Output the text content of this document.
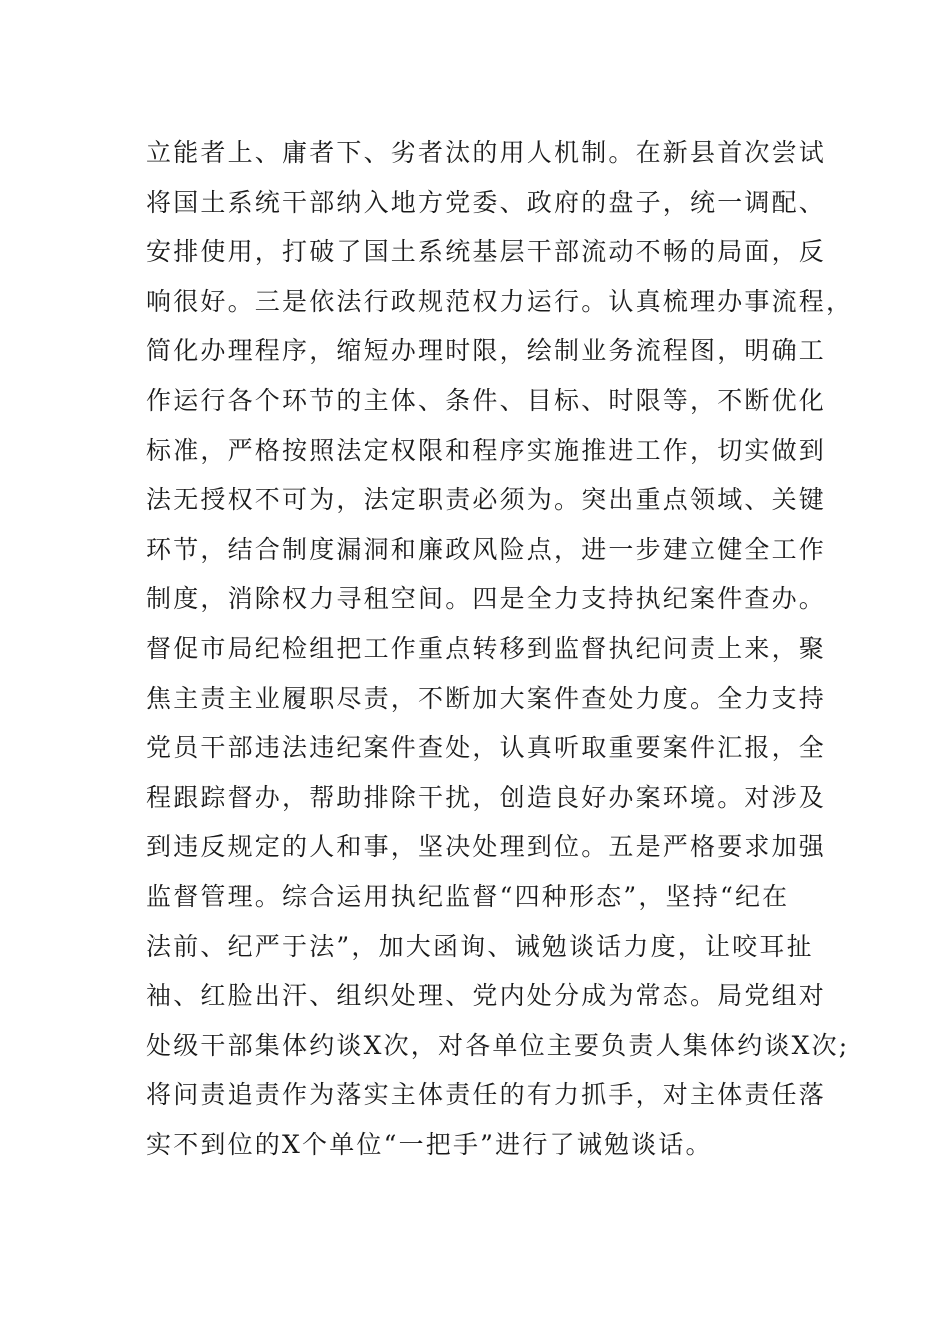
立能者上、庸者下、劣者汰的用人机制。在新县首次尝试
将国土系统干部纳入地方党委、政府的盘子，统一调配、
安排使用，打破了国土系统基层干部流动不畅的局面，反
响很好。三是依法行政规范权力运行。认真梳理办事流程，
简化办理程序，缩短办理时限，绘制业务流程图，明确工
作运行各个环节的主体、条件、目标、时限等，不断优化
标准，严格按照法定权限和程序实施推进工作，切实做到
法无授权不可为，法定职责必须为。突出重点领域、关键
环节，结合制度漏洞和廉政风险点，进一步建立健全工作
制度，消除权力寻租空间。四是全力支持执纪案件查办。
督促市局纪检组把工作重点转移到监督执纪问责上来，聚
焦主责主业履职尽责，不断加大案件查处力度。全力支持
党员干部违法违纪案件查处，认真听取重要案件汇报，全
程跟踪督办，帮助排除干扰，创造良好办案环境。对涉及
到违反规定的人和事，坚决处理到位。五是严格要求加强
监督管理。综合运用执纪监督“四种形态”，坚持“纪在
法前、纪严于法”，加大函询、诫勉谈话力度，让咬耳扯
袖、红脸出汗、组织处理、党内处分成为常态。局党组对
处级干部集体约谈X次，对各单位主要负责人集体约谈X次;
将问责追责作为落实主体责任的有力抓手，对主体责任落
实不到位的X个单位“一把手”进行了诫勉谈话。
